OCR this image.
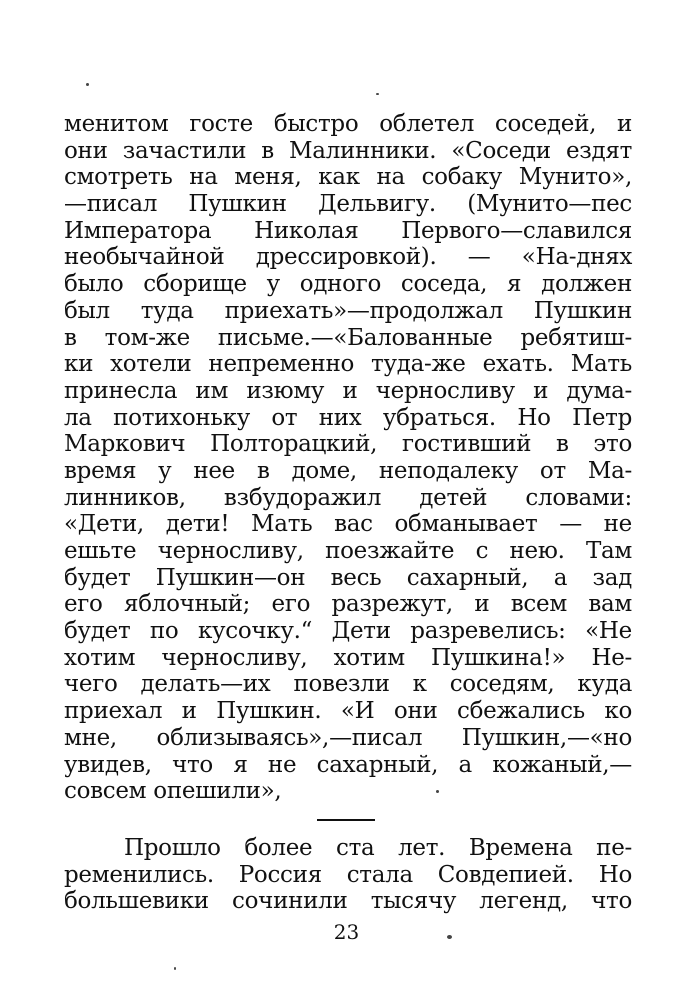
менитом госте быстро облетел соседей, и
они зачастили в Малинники. «Соседи ездят
смотреть на меня, как на собаку Мунито»,
—писал Пушкин Дельвигу. (Мунито—пес
Императора Николая Первого—славился
необычайной дрессировкой). — «На-днях
было сборище у одного соседа, я должен
был туда приехать»—продолжал Пушкин
в том-же письме.—«Балованные ребятиш-
ки хотели непременно туда-же ехать. Мать
принесла им изюму и черносливу и дума-
ла потихоньку от них убраться. Но Петр
Маркович Полторацкий, гостивший в это
время у нее в доме, неподалеку от Ма-
линников, взбудоражил детей словами:
«Дети, дети! Мать вас обманывает — не
ешьте черносливу, поезжайте с нею. Там
будет Пушкин—он весь сахарный, а зад
его яблочный; его разрежут, и всем вам
будет по кусочку.“ Дети разревелись: «Не
хотим черносливу, хотим Пушкина!» Не-
чего делать—их повезли к соседям, куда
приехал и Пушкин. «И они сбежались ко
мне, облизываясь»,—писал Пушкин,—«но
увидев, что я не сахарный, а кожаный,—
совсем опешили»,
Прошло более ста лет. Времена пе-
ременились. Россия стала Совдепией. Но
большевики сочинили тысячу легенд, что
23
